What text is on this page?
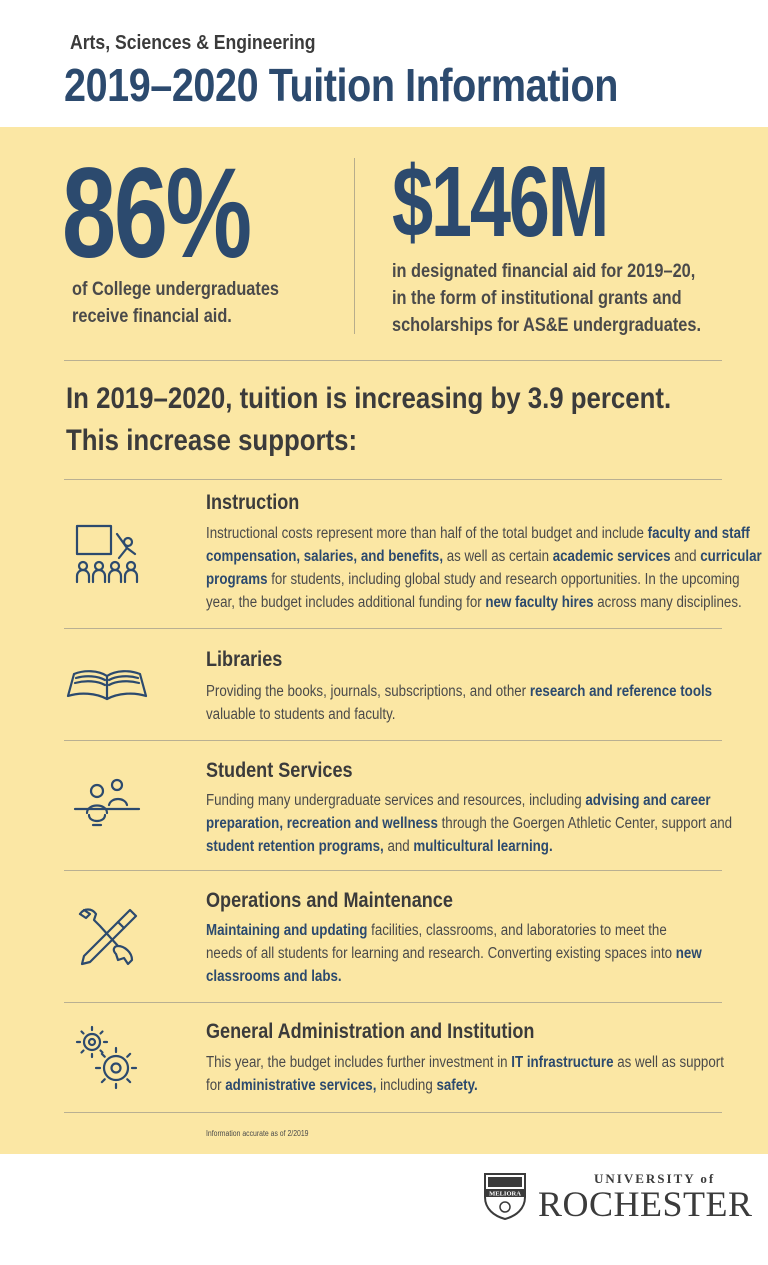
Arts, Sciences & Engineering
2019–2020 Tuition Information
86%
of College undergraduates
receive financial aid.
$146M
in designated financial aid for 2019–20,
in the form of institutional grants and
scholarships for AS&E undergraduates.
In 2019–2020, tuition is increasing by 3.9 percent.
This increase supports:
Instruction
Instructional costs represent more than half of the total budget and include faculty and staff
compensation, salaries, and benefits, as well as certain academic services and curricular
programs for students, including global study and research opportunities. In the upcoming
year, the budget includes additional funding for new faculty hires across many disciplines.
Libraries
Providing the books, journals, subscriptions, and other research and reference tools
valuable to students and faculty.
Student Services
Funding many undergraduate services and resources, including advising and career
preparation, recreation and wellness through the Goergen Athletic Center, support and
student retention programs, and multicultural learning.
Operations and Maintenance
Maintaining and updating facilities, classrooms, and laboratories to meet the
needs of all students for learning and research. Converting existing spaces into new
classrooms and labs.
General Administration and Institution
This year, the budget includes further investment in IT infrastructure as well as support
for administrative services, including safety.
Information accurate as of 2/2019
MELIORA
UNIVERSITY of
ROCHESTER
